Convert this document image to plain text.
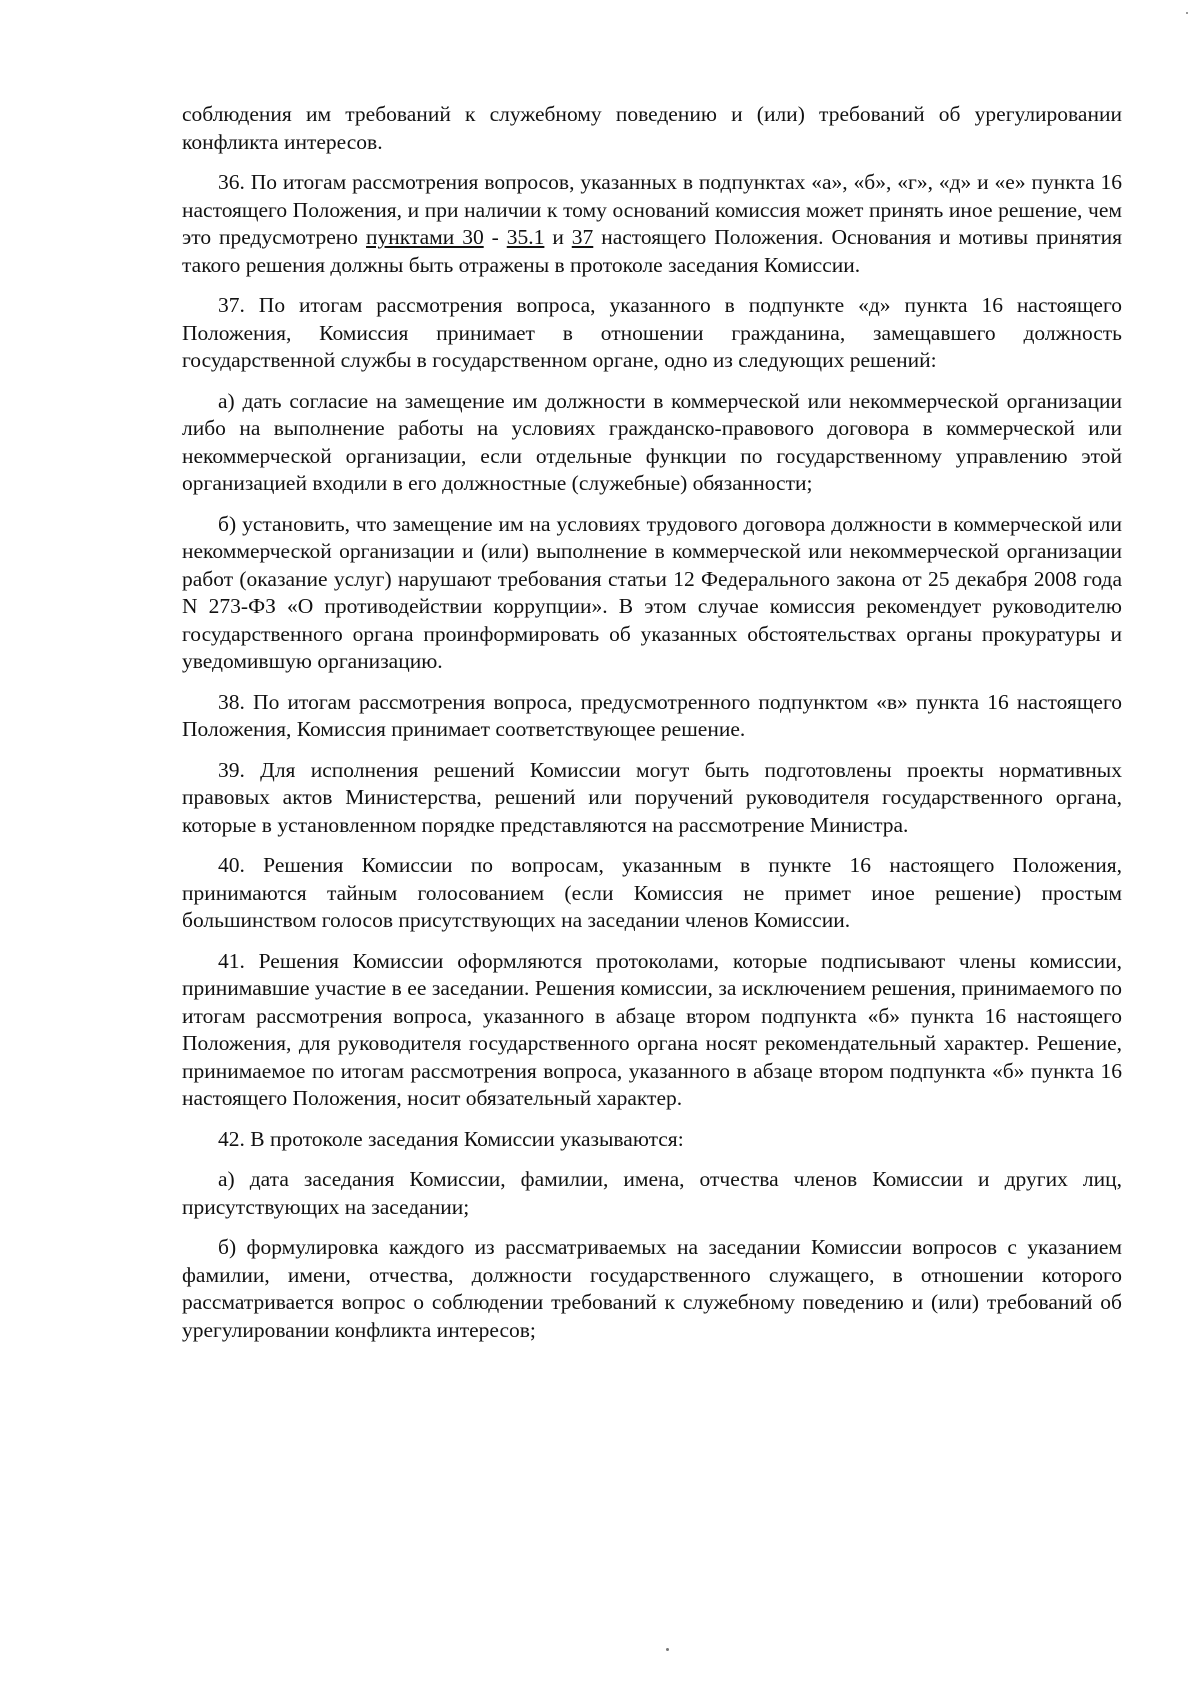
соблюдения им требований к служебному поведению и (или) требований об урегулировании конфликта интересов.

36. По итогам рассмотрения вопросов, указанных в подпунктах «а», «б», «г», «д» и «е» пункта 16 настоящего Положения, и при наличии к тому оснований комиссия может принять иное решение, чем это предусмотрено пунктами 30 - 35.1 и 37 настоящего Положения. Основания и мотивы принятия такого решения должны быть отражены в протоколе заседания Комиссии.

37. По итогам рассмотрения вопроса, указанного в подпункте «д» пункта 16 настоящего Положения, Комиссия принимает в отношении гражданина, замещавшего должность государственной службы в государственном органе, одно из следующих решений:

а) дать согласие на замещение им должности в коммерческой или некоммерческой организации либо на выполнение работы на условиях гражданско-правового договора в коммерческой или некоммерческой организации, если отдельные функции по государственному управлению этой организацией входили в его должностные (служебные) обязанности;

б) установить, что замещение им на условиях трудового договора должности в коммерческой или некоммерческой организации и (или) выполнение в коммерческой или некоммерческой организации работ (оказание услуг) нарушают требования статьи 12 Федерального закона от 25 декабря 2008 года N 273-ФЗ «О противодействии коррупции». В этом случае комиссия рекомендует руководителю государственного органа проинформировать об указанных обстоятельствах органы прокуратуры и уведомившую организацию.

38. По итогам рассмотрения вопроса, предусмотренного подпунктом «в» пункта 16 настоящего Положения, Комиссия принимает соответствующее решение.

39. Для исполнения решений Комиссии могут быть подготовлены проекты нормативных правовых актов Министерства, решений или поручений руководителя государственного органа, которые в установленном порядке представляются на рассмотрение Министра.

40. Решения Комиссии по вопросам, указанным в пункте 16 настоящего Положения, принимаются тайным голосованием (если Комиссия не примет иное решение) простым большинством голосов присутствующих на заседании членов Комиссии.

41. Решения Комиссии оформляются протоколами, которые подписывают члены комиссии, принимавшие участие в ее заседании. Решения комиссии, за исключением решения, принимаемого по итогам рассмотрения вопроса, указанного в абзаце втором подпункта «б» пункта 16 настоящего Положения, для руководителя государственного органа носят рекомендательный характер. Решение, принимаемое по итогам рассмотрения вопроса, указанного в абзаце втором подпункта «б» пункта 16 настоящего Положения, носит обязательный характер.

42. В протоколе заседания Комиссии указываются:

а) дата заседания Комиссии, фамилии, имена, отчества членов Комиссии и других лиц, присутствующих на заседании;

б) формулировка каждого из рассматриваемых на заседании Комиссии вопросов с указанием фамилии, имени, отчества, должности государственного служащего, в отношении которого рассматривается вопрос о соблюдении требований к служебному поведению и (или) требований об урегулировании конфликта интересов;
